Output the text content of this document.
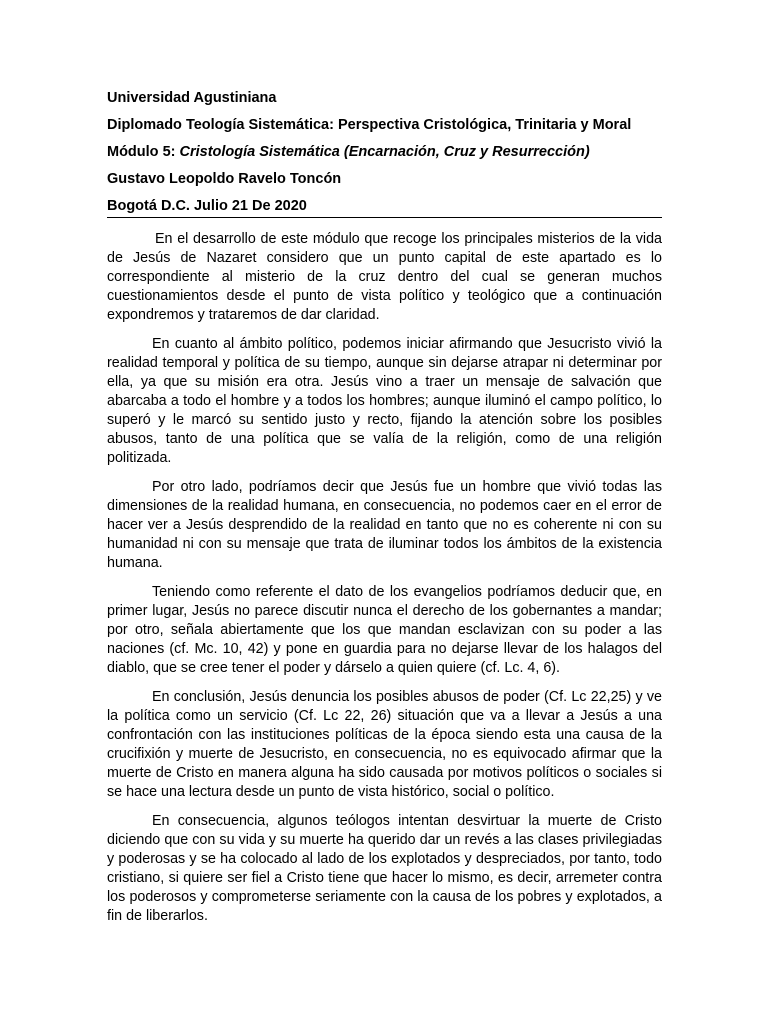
Universidad Agustiniana
Diplomado Teología Sistemática: Perspectiva Cristológica, Trinitaria y Moral
Módulo 5: Cristología Sistemática (Encarnación, Cruz y Resurrección)
Gustavo Leopoldo Ravelo Toncón
Bogotá D.C. Julio 21 De 2020

En el desarrollo de este módulo que recoge los principales misterios de la vida de Jesús de Nazaret considero que un punto capital de este apartado es lo correspondiente al misterio de la cruz dentro del cual se generan muchos cuestionamientos desde el punto de vista político y teológico que a continuación expondremos y trataremos de dar claridad.

En cuanto al ámbito político, podemos iniciar afirmando que Jesucristo vivió la realidad temporal y política de su tiempo, aunque sin dejarse atrapar ni determinar por ella, ya que su misión era otra. Jesús vino a traer un mensaje de salvación que abarcaba a todo el hombre y a todos los hombres; aunque iluminó el campo político, lo superó y le marcó su sentido justo y recto, fijando la atención sobre los posibles abusos, tanto de una política que se valía de la religión, como de una religión politizada.

Por otro lado, podríamos decir que Jesús fue un hombre que vivió todas las dimensiones de la realidad humana, en consecuencia, no podemos caer en el error de hacer ver a Jesús desprendido de la realidad en tanto que no es coherente ni con su humanidad ni con su mensaje que trata de iluminar todos los ámbitos de la existencia humana.

Teniendo como referente el dato de los evangelios podríamos deducir que, en primer lugar, Jesús no parece discutir nunca el derecho de los gobernantes a mandar; por otro, señala abiertamente que los que mandan esclavizan con su poder a las naciones (cf. Mc. 10, 42) y pone en guardia para no dejarse llevar de los halagos del diablo, que se cree tener el poder y dárselo a quien quiere (cf. Lc. 4, 6).

En conclusión, Jesús denuncia los posibles abusos de poder (Cf. Lc 22,25) y ve la política como un servicio (Cf. Lc 22, 26) situación que va a llevar a Jesús a una confrontación con las instituciones políticas de la época siendo esta una causa de la crucifixión y muerte de Jesucristo, en consecuencia, no es equivocado afirmar que la muerte de Cristo en manera alguna ha sido causada por motivos políticos o sociales si se hace una lectura desde un punto de vista histórico, social o político.

En consecuencia, algunos teólogos intentan desvirtuar la muerte de Cristo diciendo que con su vida y su muerte ha querido dar un revés a las clases privilegiadas y poderosas y se ha colocado al lado de los explotados y despreciados, por tanto, todo cristiano, si quiere ser fiel a Cristo tiene que hacer lo mismo, es decir, arremeter contra los poderosos y comprometerse seriamente con la causa de los pobres y explotados, a fin de liberarlos.
